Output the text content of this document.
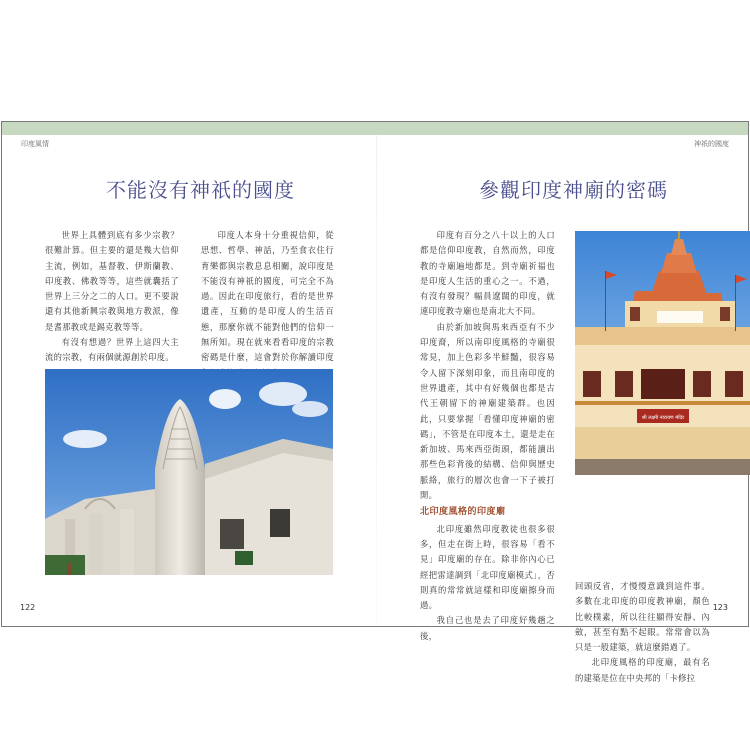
印度風情
不能沒有神祇的國度

世界上具體到底有多少宗教？很難計算。但主要的還是幾大信仰主流，例如，基督教、伊斯蘭教、印度教、佛教等等，這些就囊括了世界上三分之二的人口。更不要說還有其他新興宗教與地方教派，像是耆那教或是錫克教等等。

有沒有想過？世界上這四大主流的宗教，有兩個就源創於印度。

印度人本身十分重視信仰，從思想、哲學、神話，乃至食衣住行育樂都與宗教息息相關，說印度是不能沒有神祇的國度，可完全不為過。因此在印度旅行，看的是世界遺產，互動的是印度人的生活百態，那麼你就不能對他們的信仰一無所知。現在就來看看印度的宗教密碼是什麼，這會對於你解讀印度

122
神祇的國度
參觀印度神廟的密碼

印度有百分之八十以上的人口都是信仰印度教，自然而然，印度教的寺廟遍地都是。到寺廟祈福也是印度人生活的重心之一。不過，有沒有發現？幅員遼闊的印度，就連印度教寺廟也是南北大不同。

由於新加坡與馬來西亞有不少印度裔，所以南印度風格的寺廟很常見，加上色彩多半鮮豔，很容易令人留下深刻印象，而且南印度的世界遺產，其中有好幾個也都是古代王朝留下的神廟建築群。也因此，只要掌握「看懂印度神廟的密碼」，不管是在印度本土，還是走在新加坡、馬來西亞街頭，都能讀出那些色彩背後的結構、信仰與歷史脈絡，旅行的層次也會一下子被打開。

北印度風格的印度廟

北印度雖然印度教徒也很多很多，但走在街上時，很容易「看不見」印度廟的存在。除非你內心已經把雷達調到「北印度廟模式」，否則真的常常就這樣和印度廟擦身而過。

我自己也是去了印度好幾趟之後，

श्री लक्ष्मी नारायण मंदिर

回頭反省，才慢慢意識到這件事。多數在北印度的印度教神廟，顏色比較樸素，所以往往顯得安靜、內斂，甚至有點不起眼。常常會以為只是一般建築，就這麼錯過了。

北印度風格的印度廟，最有名的建築是位在中央邦的「卡修拉

123
